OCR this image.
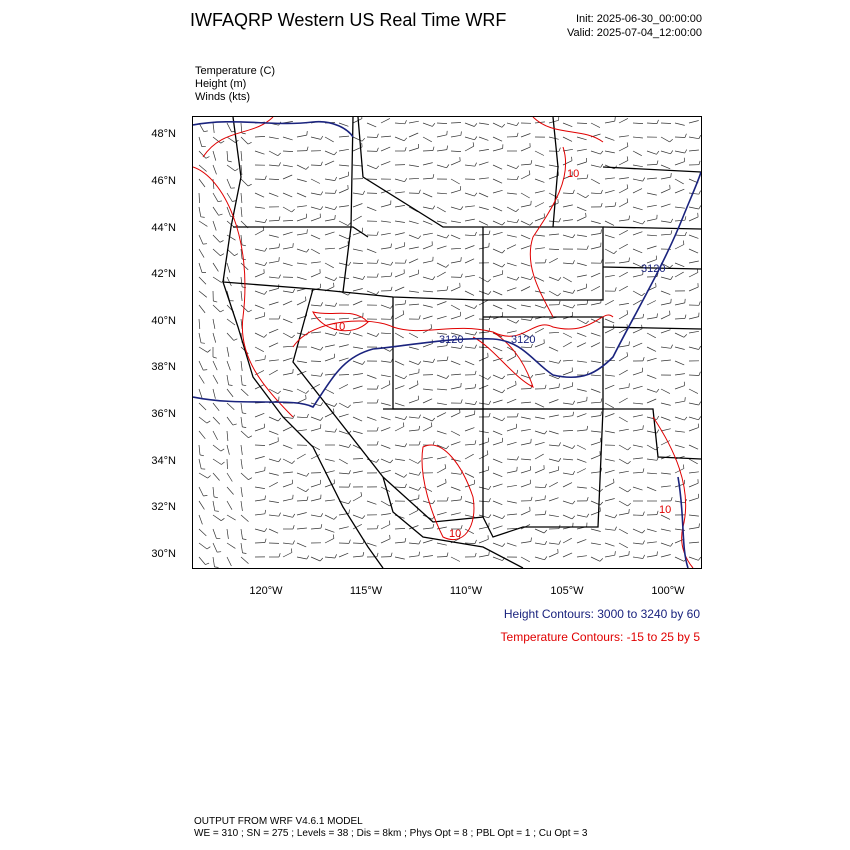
IWFAQRP Western US Real Time WRF	Init: 2025-06-30_00:00:00
Valid: 2025-07-04_12:00:00
Temperature (C)
Height (m)
Winds (kts)
48°N
46°N
44°N
42°N
40°N
38°N
36°N
34°N
32°N
30°N
120°W	115°W	110°W	105°W	100°W
3120	3120
3120
10
10
10
10
Height Contours: 3000 to 3240 by 60
Temperature Contours: -15 to 25 by 5
OUTPUT FROM WRF V4.6.1 MODEL
WE = 310 ; SN = 275 ; Levels = 38 ; Dis = 8km ; Phys Opt = 8 ; PBL Opt = 1 ; Cu Opt = 3
